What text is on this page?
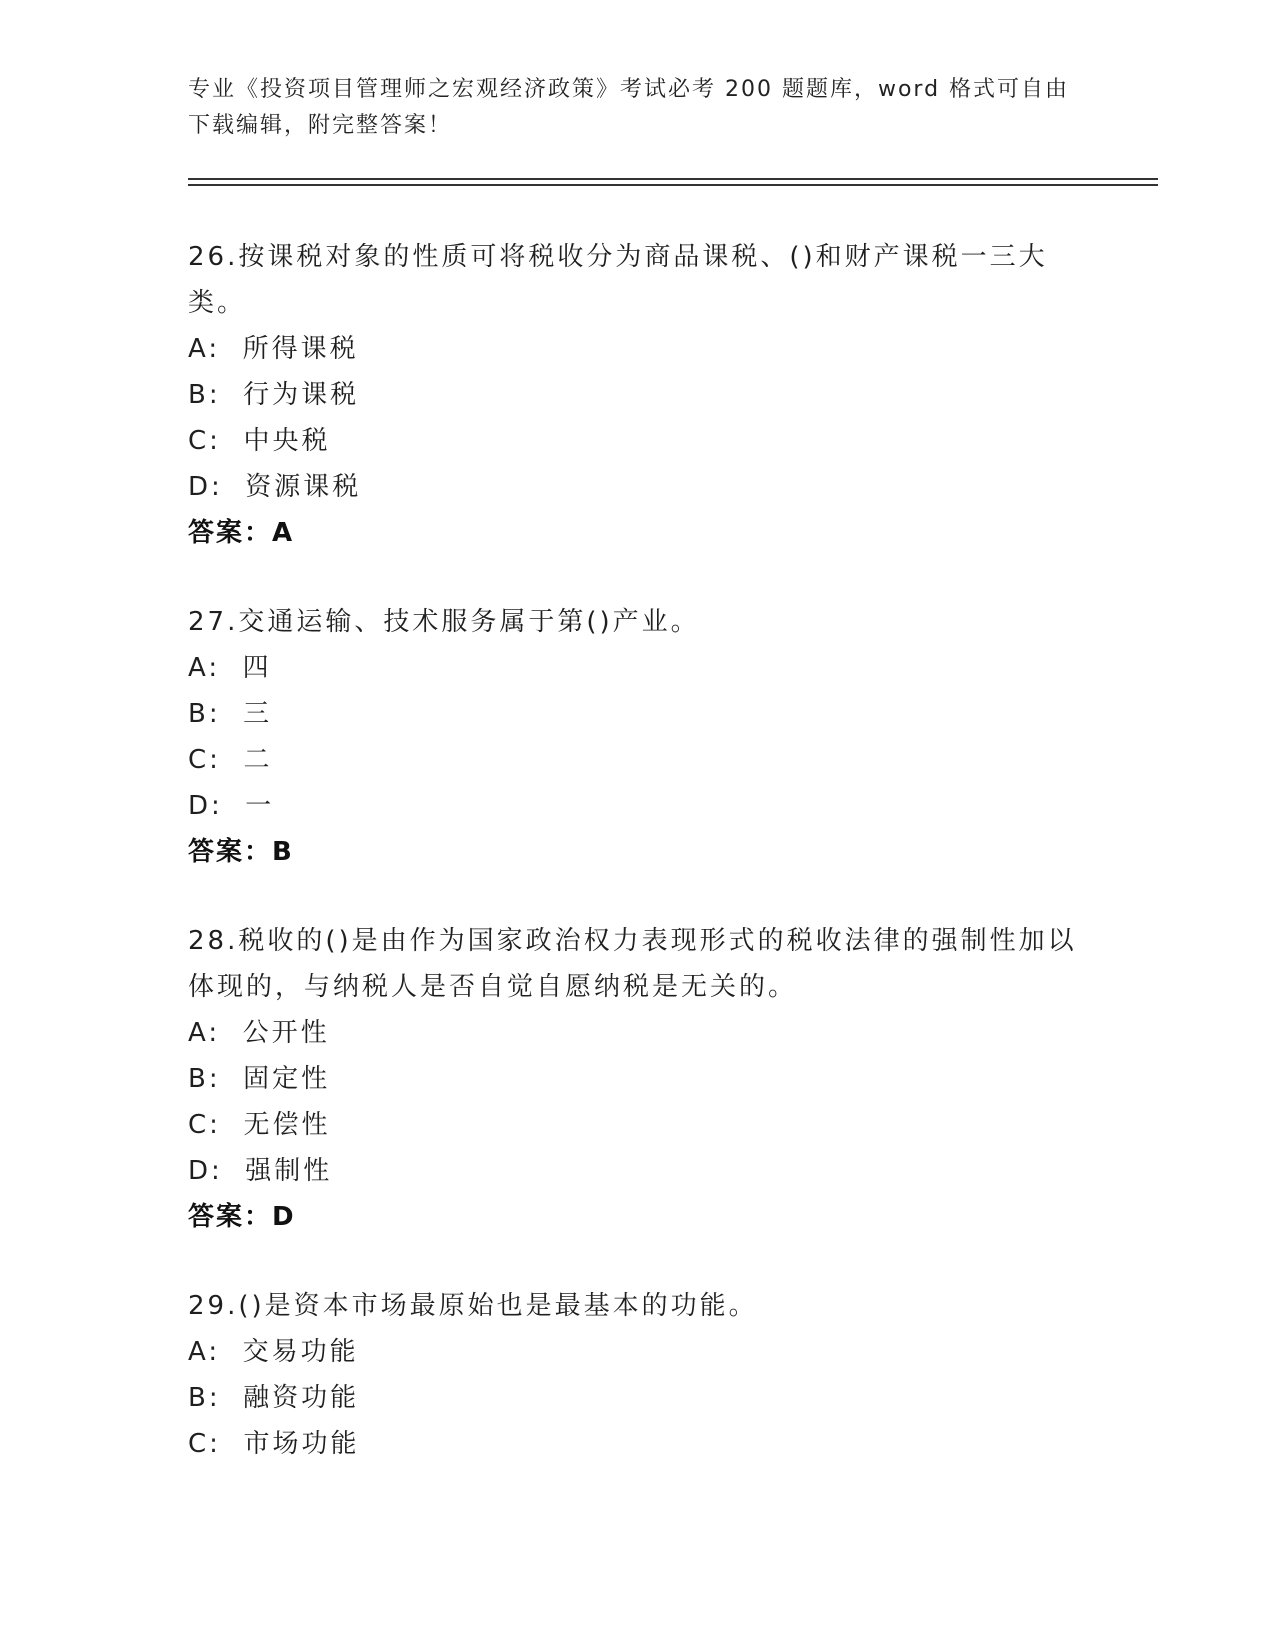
专业《投资项目管理师之宏观经济政策》考试必考 200 题题库，word 格式可自由下载编辑，附完整答案！
26.按课税对象的性质可将税收分为商品课税、()和财产课税一三大类。
A:  所得课税
B:  行为课税
C:  中央税
D:  资源课税
答案：A
27.交通运输、技术服务属于第()产业。
A:  四
B:  三
C:  二
D:  一
答案：B
28.税收的()是由作为国家政治权力表现形式的税收法律的强制性加以体现的，与纳税人是否自觉自愿纳税是无关的。
A:  公开性
B:  固定性
C:  无偿性
D:  强制性
答案：D
29.()是资本市场最原始也是最基本的功能。
A:  交易功能
B:  融资功能
C:  市场功能
